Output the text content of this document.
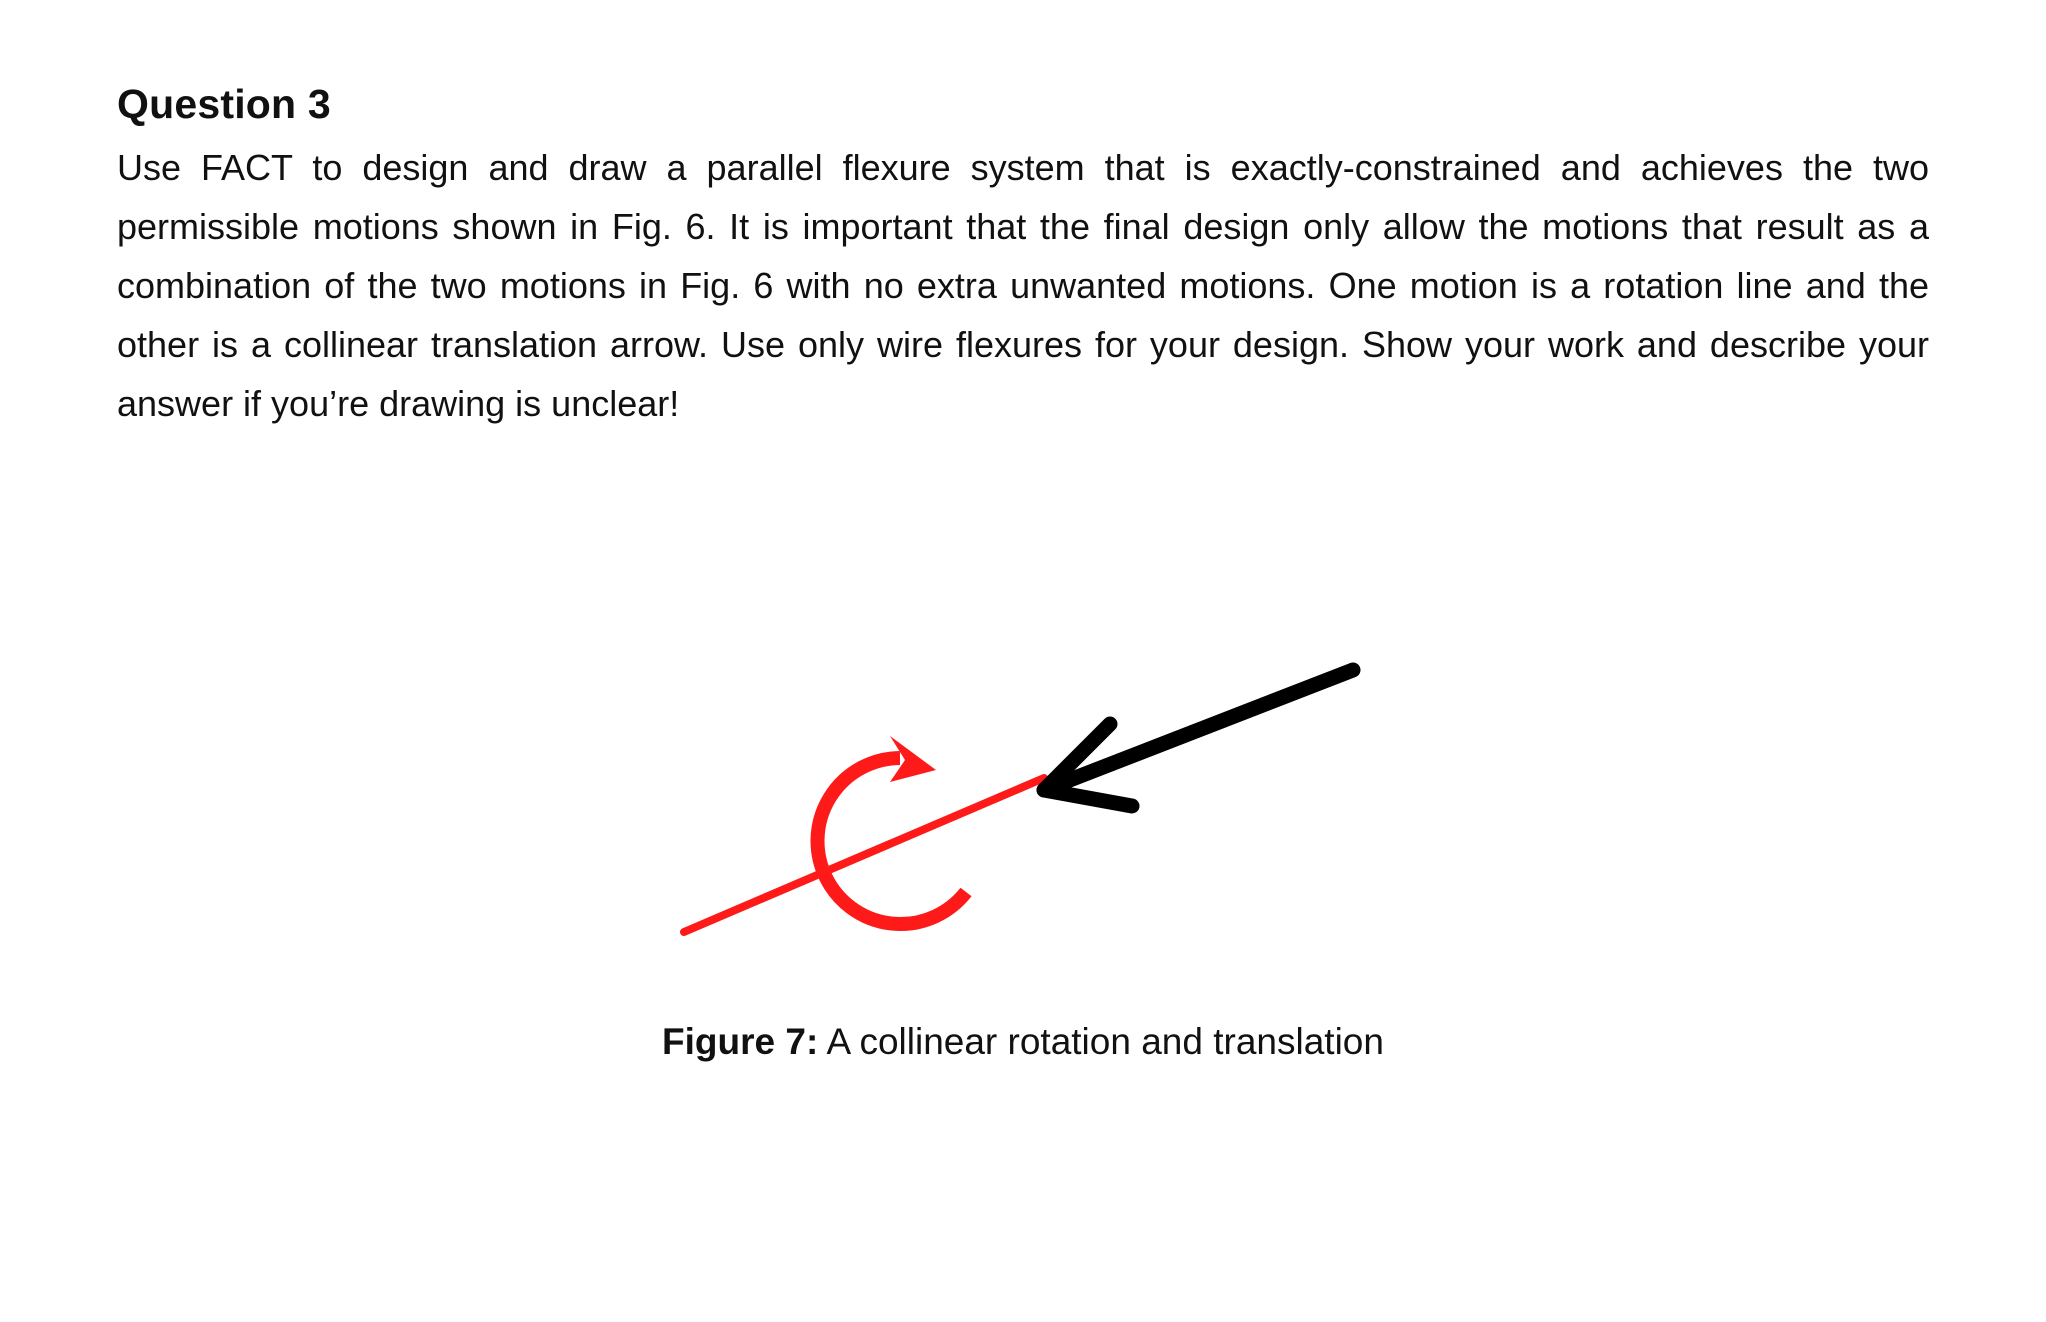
Question 3

Use FACT to design and draw a parallel flexure system that is exactly-constrained and achieves the two permissible motions shown in Fig. 6. It is important that the final design only allow the motions that result as a combination of the two motions in Fig. 6 with no extra unwanted motions. One motion is a rotation line and the other is a collinear translation arrow. Use only wire flexures for your design. Show your work and describe your answer if you’re drawing is unclear!

Figure 7: A collinear rotation and translation
